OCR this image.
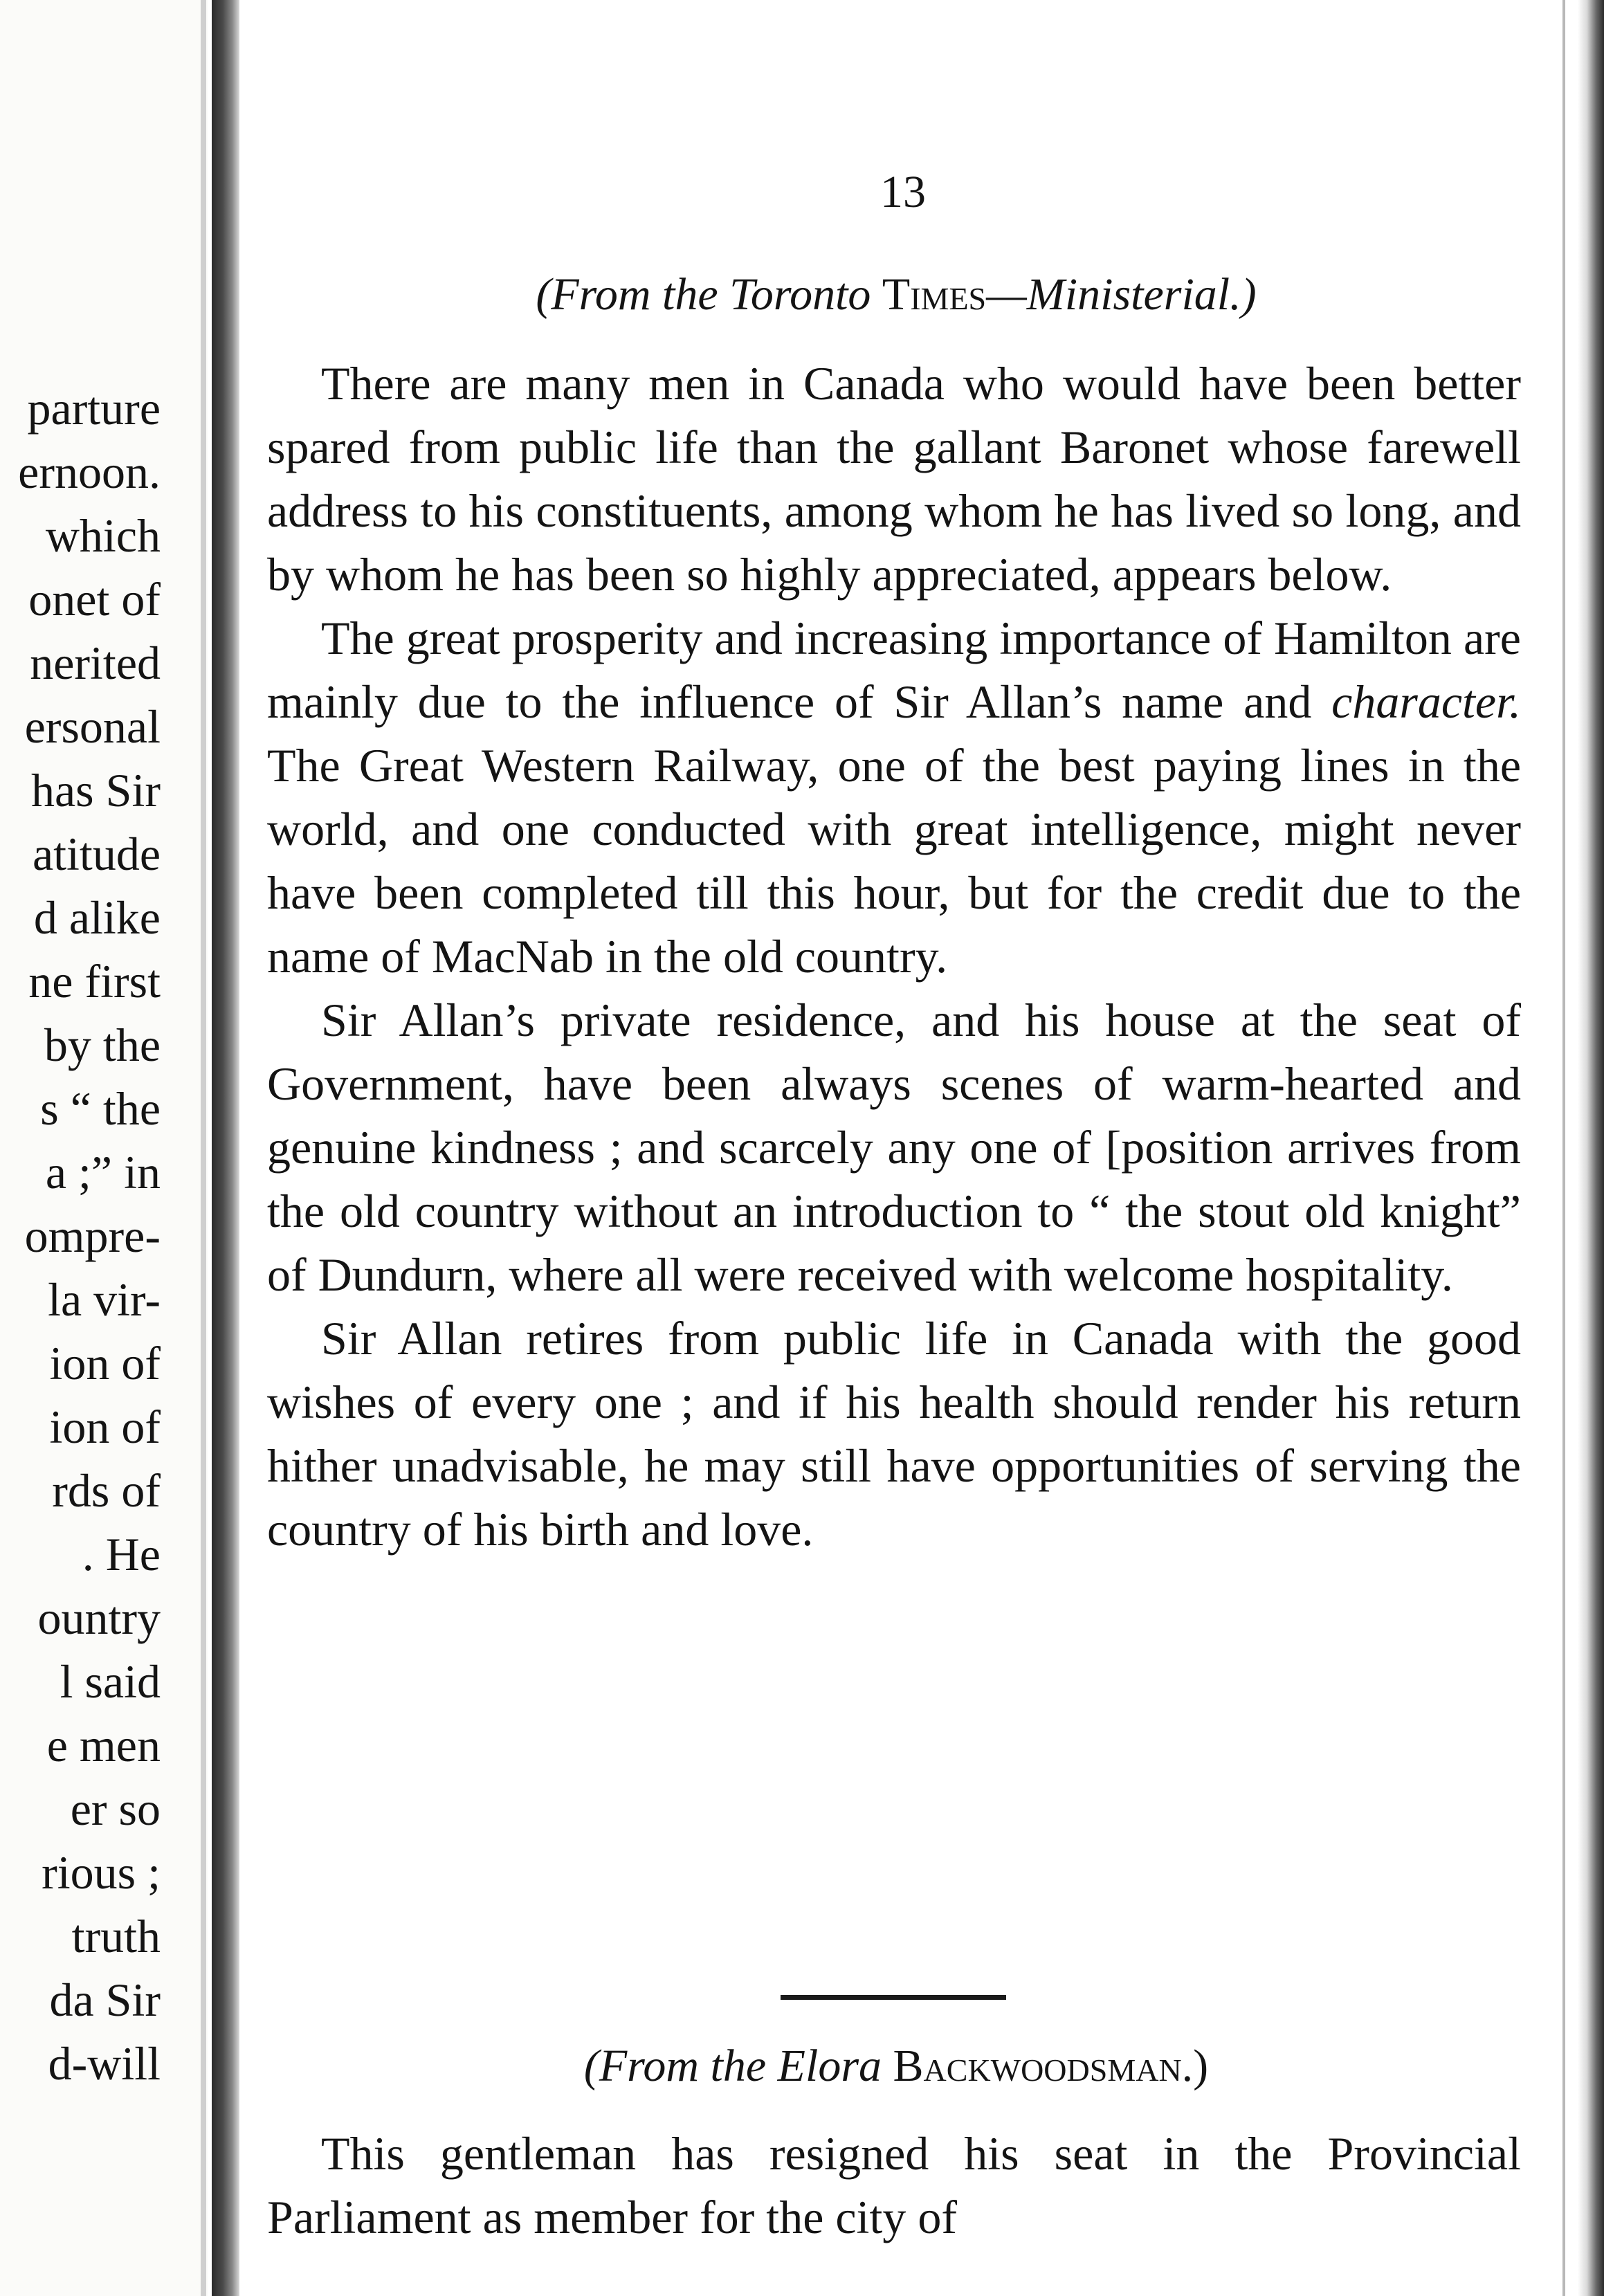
parture
ernoon.
which
onet of
nerited
ersonal
has Sir
atitude
d alike
ne first
by the
s “ the
a ;” in
ompre-
la vir-
ion of
ion of
rds of
. He
ountry
l said
e men
er so
rious ;
truth
da Sir
d-will
13
(From the Toronto Times—Ministerial.)

There are many men in Canada who would have been better spared from public life than the gallant Baronet whose farewell address to his constituents, among whom he has lived so long, and by whom he has been so highly appreciated, appears below.

The great prosperity and increasing importance of Hamilton are mainly due to the influence of Sir Allan’s name and character. The Great Western Railway, one of the best paying lines in the world, and one conducted with great intelligence, might never have been completed till this hour, but for the credit due to the name of MacNab in the old country.

Sir Allan’s private residence, and his house at the seat of Government, have been always scenes of warm-hearted and genuine kindness ; and scarcely any one of [position arrives from the old country without an introduction to “ the stout old knight” of Dundurn, where all were received with welcome hospitality.

Sir Allan retires from public life in Canada with the good wishes of every one ; and if his health should render his return hither unadvisable, he may still have opportunities of serving the country of his birth and love.

(From the Elora Backwoodsman.)

This gentleman has resigned his seat in the Provincial Parliament as member for the city of
